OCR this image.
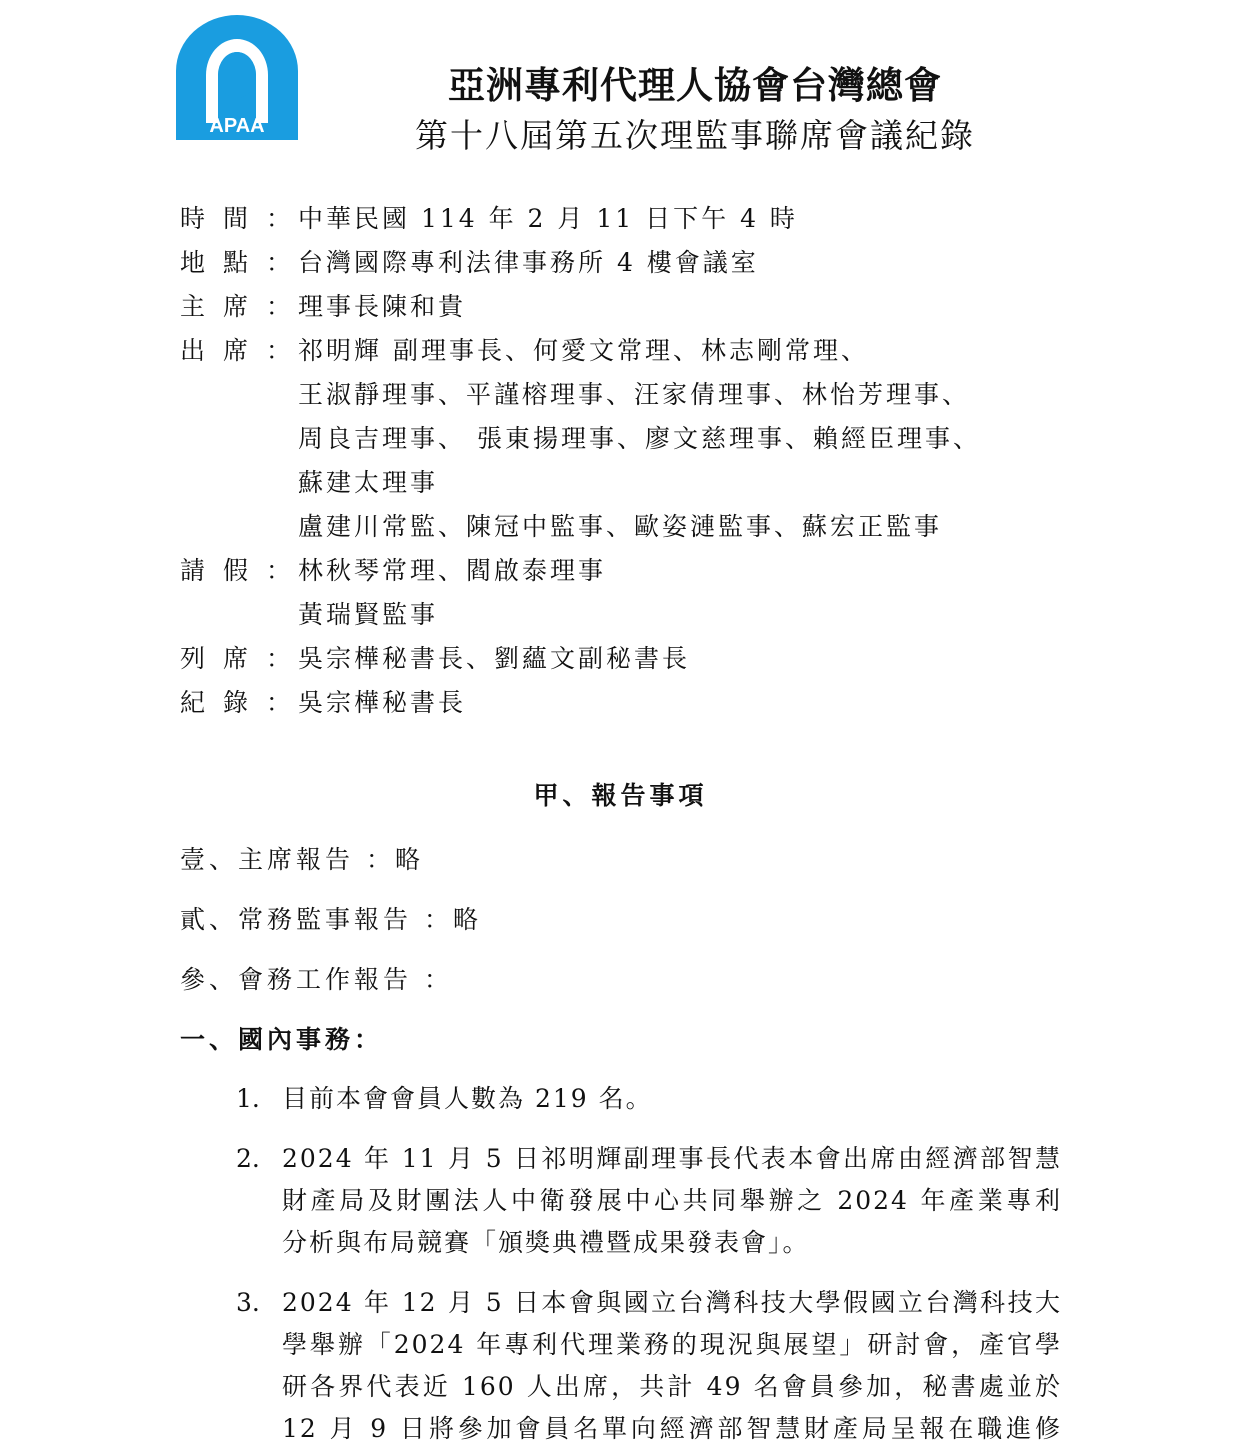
APAA
亞洲專利代理人協會台灣總會
第十八屆第五次理監事聯席會議紀錄
時間： 中華民國 114 年 2 月 11 日下午 4 時
地點： 台灣國際專利法律事務所 4 樓會議室
主席： 理事長陳和貴
出席： 祁明輝 副理事長、何愛文常理、林志剛常理、
王淑靜理事、平謹榕理事、汪家倩理事、林怡芳理事、
周良吉理事、 張東揚理事、廖文慈理事、賴經臣理事、
蘇建太理事
盧建川常監、陳冠中監事、歐姿漣監事、蘇宏正監事
請假： 林秋琴常理、閻啟泰理事
黃瑞賢監事
列席： 吳宗樺秘書長、劉蘊文副秘書長
紀錄： 吳宗樺秘書長
甲、報告事項
壹、主席報告 ：略
貳、常務監事報告 ：略
參、會務工作報告 ：
一、國內事務：
1. 目前本會會員人數為 219 名。
2. 2024 年 11 月 5 日祁明輝副理事長代表本會出席由經濟部智慧
財產局及財團法人中衛發展中心共同舉辦之 2024 年產業專利
分析與布局競賽「頒獎典禮暨成果發表會」。
3. 2024 年 12 月 5 日本會與國立台灣科技大學假國立台灣科技大
學舉辦「2024 年專利代理業務的現況與展望」研討會，產官學
研各界代表近 160 人出席，共計 49 名會員參加，秘書處並於
12 月 9 日將參加會員名單向經濟部智慧財產局呈報在職進修
